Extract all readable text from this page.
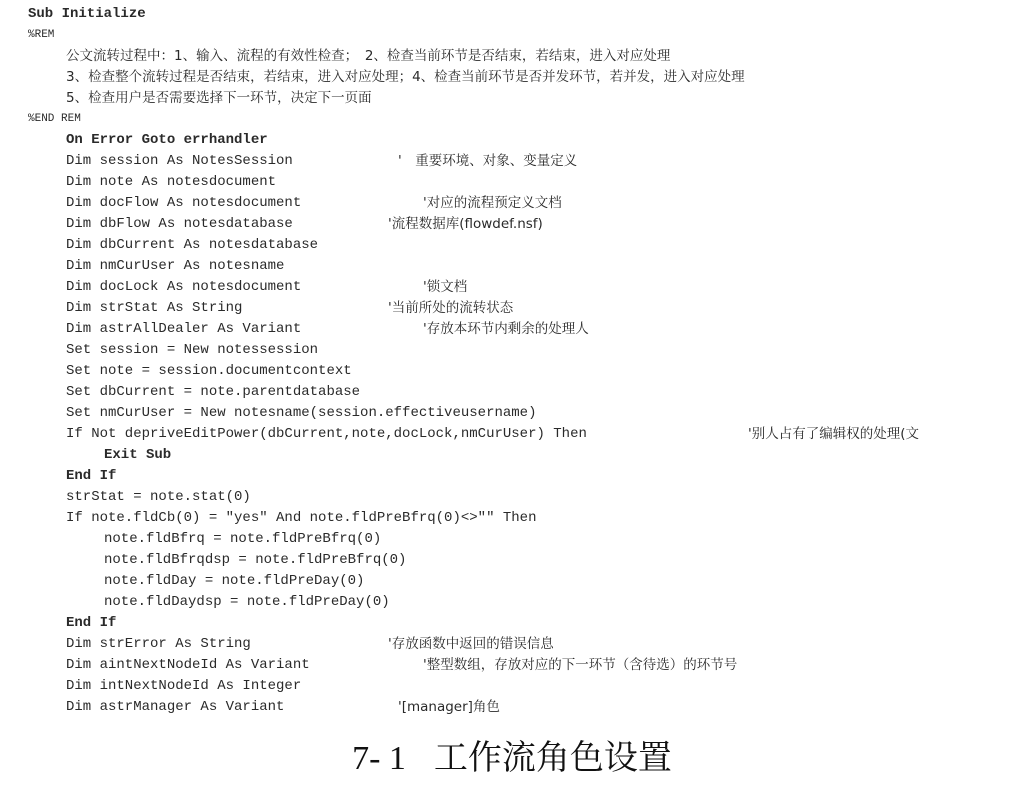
Sub Initialize
%REM
公文流转过程中：1、输入、流程的有效性检查；　2、检查当前环节是否结束，若结束，进入对应处理
3、检查整个流转过程是否结束，若结束，进入对应处理；4、检查当前环节是否并发环节，若并发，进入对应处理
5、检查用户是否需要选择下一环节，决定下一页面
%END REM
On Error Goto errhandler
Dim session As NotesSession	'　重要环境、对象、变量定义
Dim note As notesdocument
Dim docFlow As notesdocument	'对应的流程预定义文档
Dim dbFlow As notesdatabase	'流程数据库(flowdef.nsf)
Dim dbCurrent As notesdatabase
Dim nmCurUser As notesname
Dim docLock As notesdocument	'锁文档
Dim strStat As String	'当前所处的流转状态
Dim astrAllDealer As Variant	'存放本环节内剩余的处理人
Set session = New notessession
Set note = session.documentcontext
Set dbCurrent = note.parentdatabase
Set nmCurUser = New notesname(session.effectiveusername)
If Not depriveEditPower(dbCurrent,note,docLock,nmCurUser) Then	'别人占有了编辑权的处理(文
Exit Sub
End If
strStat = note.stat(0)
If note.fldCb(0) = "yes" And note.fldPreBfrq(0)<>"" Then
note.fldBfrq = note.fldPreBfrq(0)
note.fldBfrqdsp = note.fldPreBfrq(0)
note.fldDay = note.fldPreDay(0)
note.fldDaydsp = note.fldPreDay(0)
End If
Dim strError As String	'存放函数中返回的错误信息
Dim aintNextNodeId As Variant	'整型数组，存放对应的下一环节（含待选）的环节号
Dim intNextNodeId As Integer
Dim astrManager As Variant	'[manager]角色
7- 1 工作流角色设置
